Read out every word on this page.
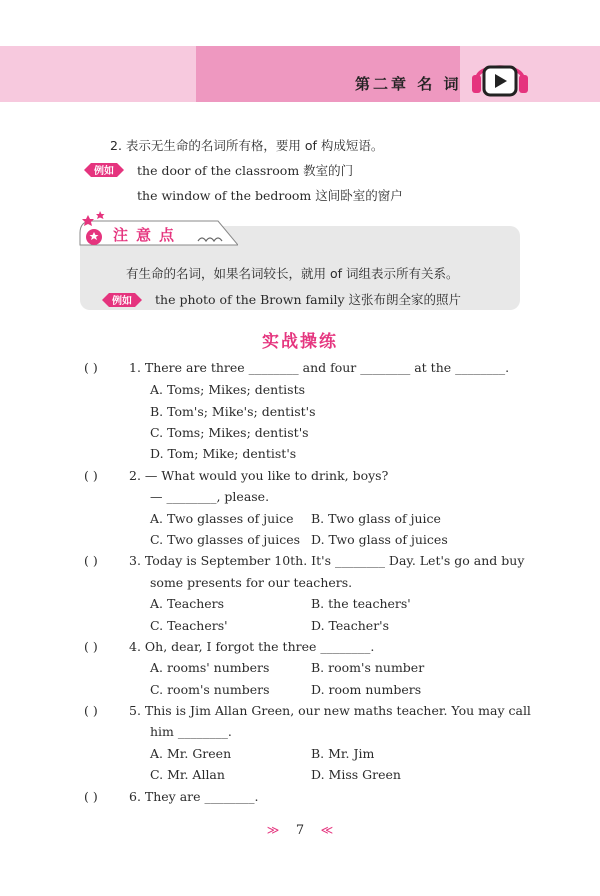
第二章 名 词
2. 表示无生命的名词所有格，要用 of 构成短语。
例如 the door of the classroom 教室的门
the window of the bedroom 这间卧室的窗户
注意点
有生命的名词，如果名词较长，就用 of 词组表示所有关系。
例如 the photo of the Brown family 这张布朗全家的照片
实战操练
( )	1. There are three ________ and four ________ at the ________.
A. Toms; Mikes; dentists
B. Tom's; Mike's; dentist's
C. Toms; Mikes; dentist's
D. Tom; Mike; dentist's
( )	2. — What would you like to drink, boys?
— ________, please.
A. Two glasses of juice B. Two glass of juice
C. Two glasses of juices D. Two glass of juices
( )	3. Today is September 10th. It's ________ Day. Let's go and buy
some presents for our teachers.
A. Teachers	B. the teachers'
C. Teachers'	D. Teacher's
( )	4. Oh, dear, I forgot the three ________.
A. rooms' numbers	B. room's number
C. room's numbers	D. room numbers
( )	5. This is Jim Allan Green, our new maths teacher. You may call
him ________.
A. Mr. Green	B. Mr. Jim
C. Mr. Allan	D. Miss Green
( )	6. They are ________.
≫ 7 ≪
